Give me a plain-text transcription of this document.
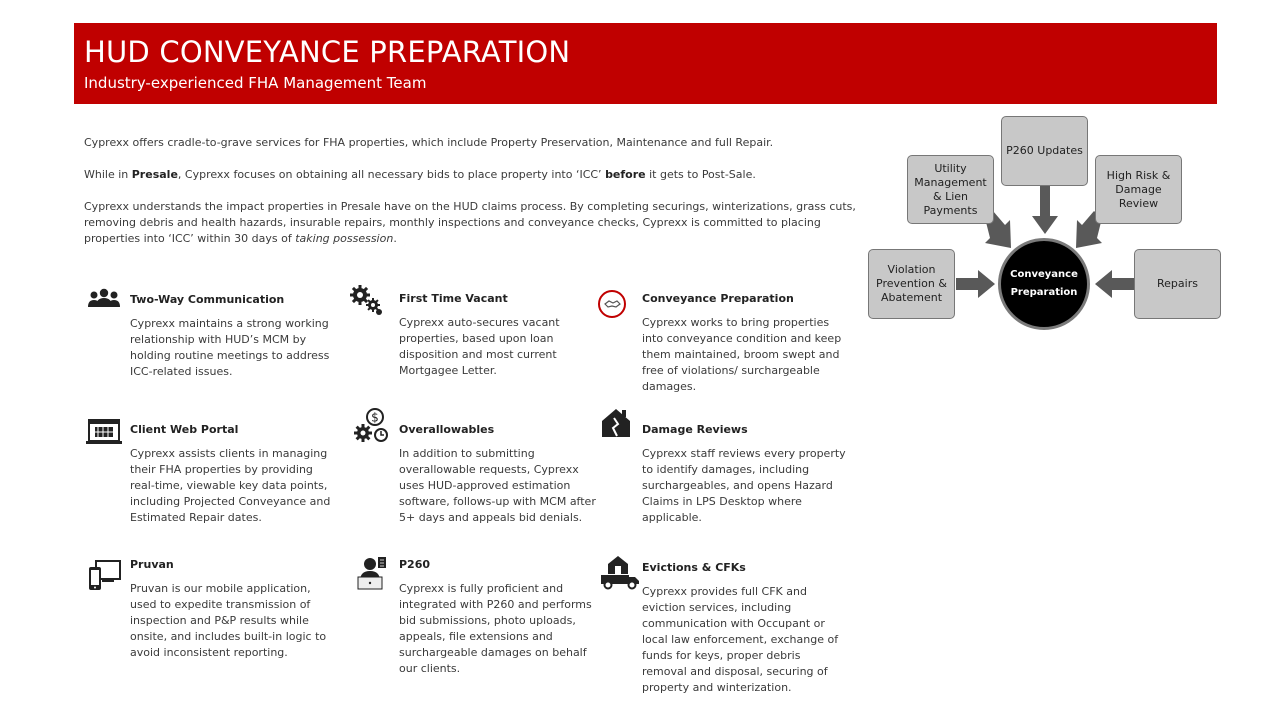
HUD CONVEYANCE PREPARATION
Industry-experienced FHA Management Team
Cyprexx offers cradle-to-grave services for FHA properties, which include Property Preservation, Maintenance and full Repair.
While in Presale, Cyprexx focuses on obtaining all necessary bids to place property into ‘ICC’ before it gets to Post-Sale.
Cyprexx understands the impact properties in Presale have on the HUD claims process. By completing securings, winterizations, grass cuts, removing debris and health hazards, insurable repairs, monthly inspections and conveyance checks, Cyprexx is committed to placing properties into ‘ICC’ within 30 days of taking possession.
Two-Way Communication
Cyprexx maintains a strong working relationship with HUD’s MCM by holding routine meetings to address ICC-related issues.
First Time Vacant
Cyprexx auto-secures vacant properties, based upon loan disposition and most current Mortgagee Letter.
Conveyance Preparation
Cyprexx works to bring properties into conveyance condition and keep them maintained, broom swept and free of violations/ surchargeable damages.
Client Web Portal
Cyprexx assists clients in managing their FHA properties by providing real-time, viewable key data points, including Projected Conveyance and Estimated Repair dates.
$
Overallowables
In addition to submitting overallowable requests, Cyprexx uses HUD-approved estimation software, follows-up with MCM after 5+ days and appeals bid denials.
Damage Reviews
Cyprexx staff reviews every property to identify damages, including surchargeables, and opens Hazard Claims in LPS Desktop where applicable.
Pruvan
Pruvan is our mobile application, used to expedite transmission of inspection and P&P results while onsite, and includes built-in logic to avoid inconsistent reporting.
P260
Cyprexx is fully proficient and integrated with P260 and performs bid submissions, photo uploads, appeals, file extensions and surchargeable damages on behalf our clients.
Evictions & CFKs
Cyprexx provides full CFK and eviction services, including communication with Occupant or local law enforcement, exchange of funds for keys, proper debris removal and disposal, securing of property and winterization.
P260 Updates
Utility Management & Lien Payments
High Risk & Damage Review
Violation Prevention & Abatement
Repairs
Conveyance Preparation
